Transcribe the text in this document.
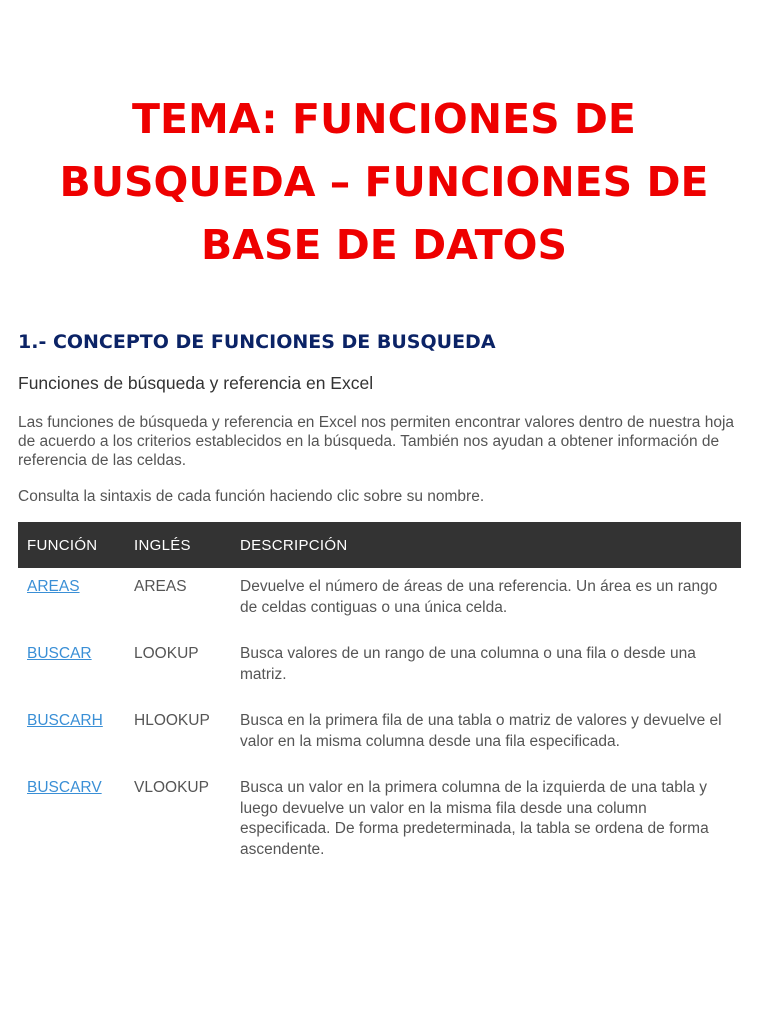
TEMA: FUNCIONES DE BUSQUEDA – FUNCIONES DE BASE DE DATOS
1.- CONCEPTO DE FUNCIONES DE BUSQUEDA
Funciones de búsqueda y referencia en Excel

Las funciones de búsqueda y referencia en Excel nos permiten encontrar valores dentro de nuestra hoja de acuerdo a los criterios establecidos en la búsqueda. También nos ayudan a obtener información de referencia de las celdas.

Consulta la sintaxis de cada función haciendo clic sobre su nombre.

FUNCIÓN	INGLÉS	DESCRIPCIÓN
AREAS	AREAS	Devuelve el número de áreas de una referencia. Un área es un rango de celdas contiguas o una única celda.
BUSCAR	LOOKUP	Busca valores de un rango de una columna o una fila o desde una matriz.
BUSCARH	HLOOKUP	Busca en la primera fila de una tabla o matriz de valores y devuelve el valor en la misma columna desde una fila especificada.
BUSCARV	VLOOKUP	Busca un valor en la primera columna de la izquierda de una tabla y luego devuelve un valor en la misma fila desde una column especificada. De forma predeterminada, la tabla se ordena de forma ascendente.
